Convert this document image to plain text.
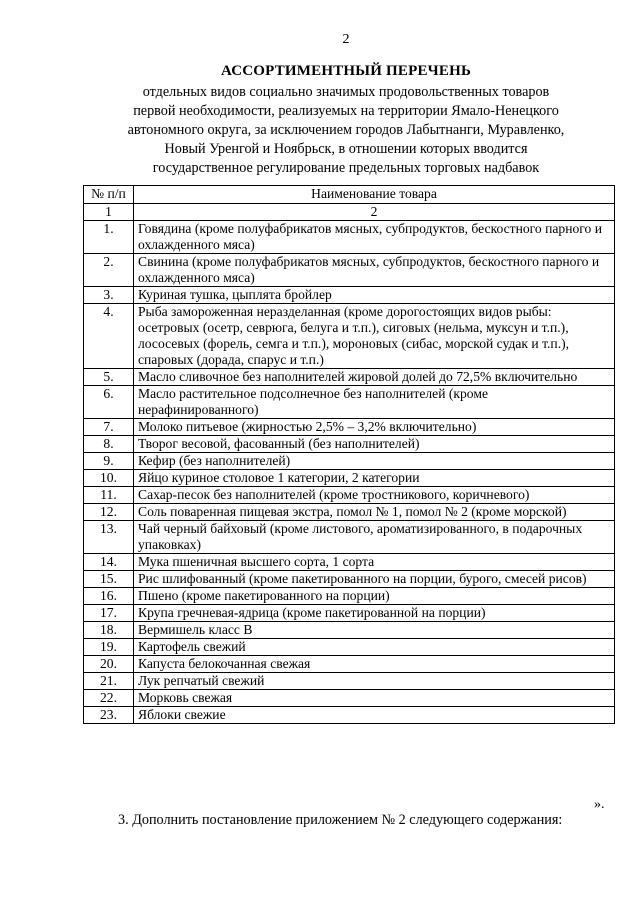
2
АССОРТИМЕНТНЫЙ ПЕРЕЧЕНЬ
отдельных видов социально значимых продовольственных товаров
первой необходимости, реализуемых на территории Ямало-Ненецкого
автономного округа, за исключением городов Лабытнанги, Муравленко,
Новый Уренгой и Ноябрьск, в отношении которых вводится
государственное регулирование предельных торговых надбавок
№ п/п	Наименование товара
1	2
1.	Говядина (кроме полуфабрикатов мясных, субпродуктов, бескостного парного и охлажденного мяса)
2.	Свинина (кроме полуфабрикатов мясных, субпродуктов, бескостного парного и охлажденного мяса)
3.	Куриная тушка, цыплята бройлер
4.	Рыба замороженная неразделанная (кроме дорогостоящих видов рыбы: осетровых (осетр, севрюга, белуга и т.п.), сиговых (нельма, муксун и т.п.), лососевых (форель, семга и т.п.), мороновых (сибас, морской судак и т.п.), спаровых (дорада, спарус и т.п.)
5.	Масло сливочное без наполнителей жировой долей до 72,5% включительно
6.	Масло растительное подсолнечное без наполнителей (кроме нерафинированного)
7.	Молоко питьевое (жирностью 2,5% – 3,2% включительно)
8.	Творог весовой, фасованный (без наполнителей)
9.	Кефир (без наполнителей)
10.	Яйцо куриное столовое 1 категории, 2 категории
11.	Сахар-песок без наполнителей (кроме тростникового, коричневого)
12.	Соль поваренная пищевая экстра, помол № 1, помол № 2 (кроме морской)
13.	Чай черный байховый (кроме листового, ароматизированного, в подарочных упаковках)
14.	Мука пшеничная высшего сорта, 1 сорта
15.	Рис шлифованный (кроме пакетированного на порции, бурого, смесей рисов)
16.	Пшено (кроме пакетированного на порции)
17.	Крупа гречневая-ядрица (кроме пакетированной на порции)
18.	Вермишель класс В
19.	Картофель свежий
20.	Капуста белокочанная свежая
21.	Лук репчатый свежий
22.	Морковь свежая
23.	Яблоки свежие
».
3. Дополнить постановление приложением № 2 следующего содержания:
